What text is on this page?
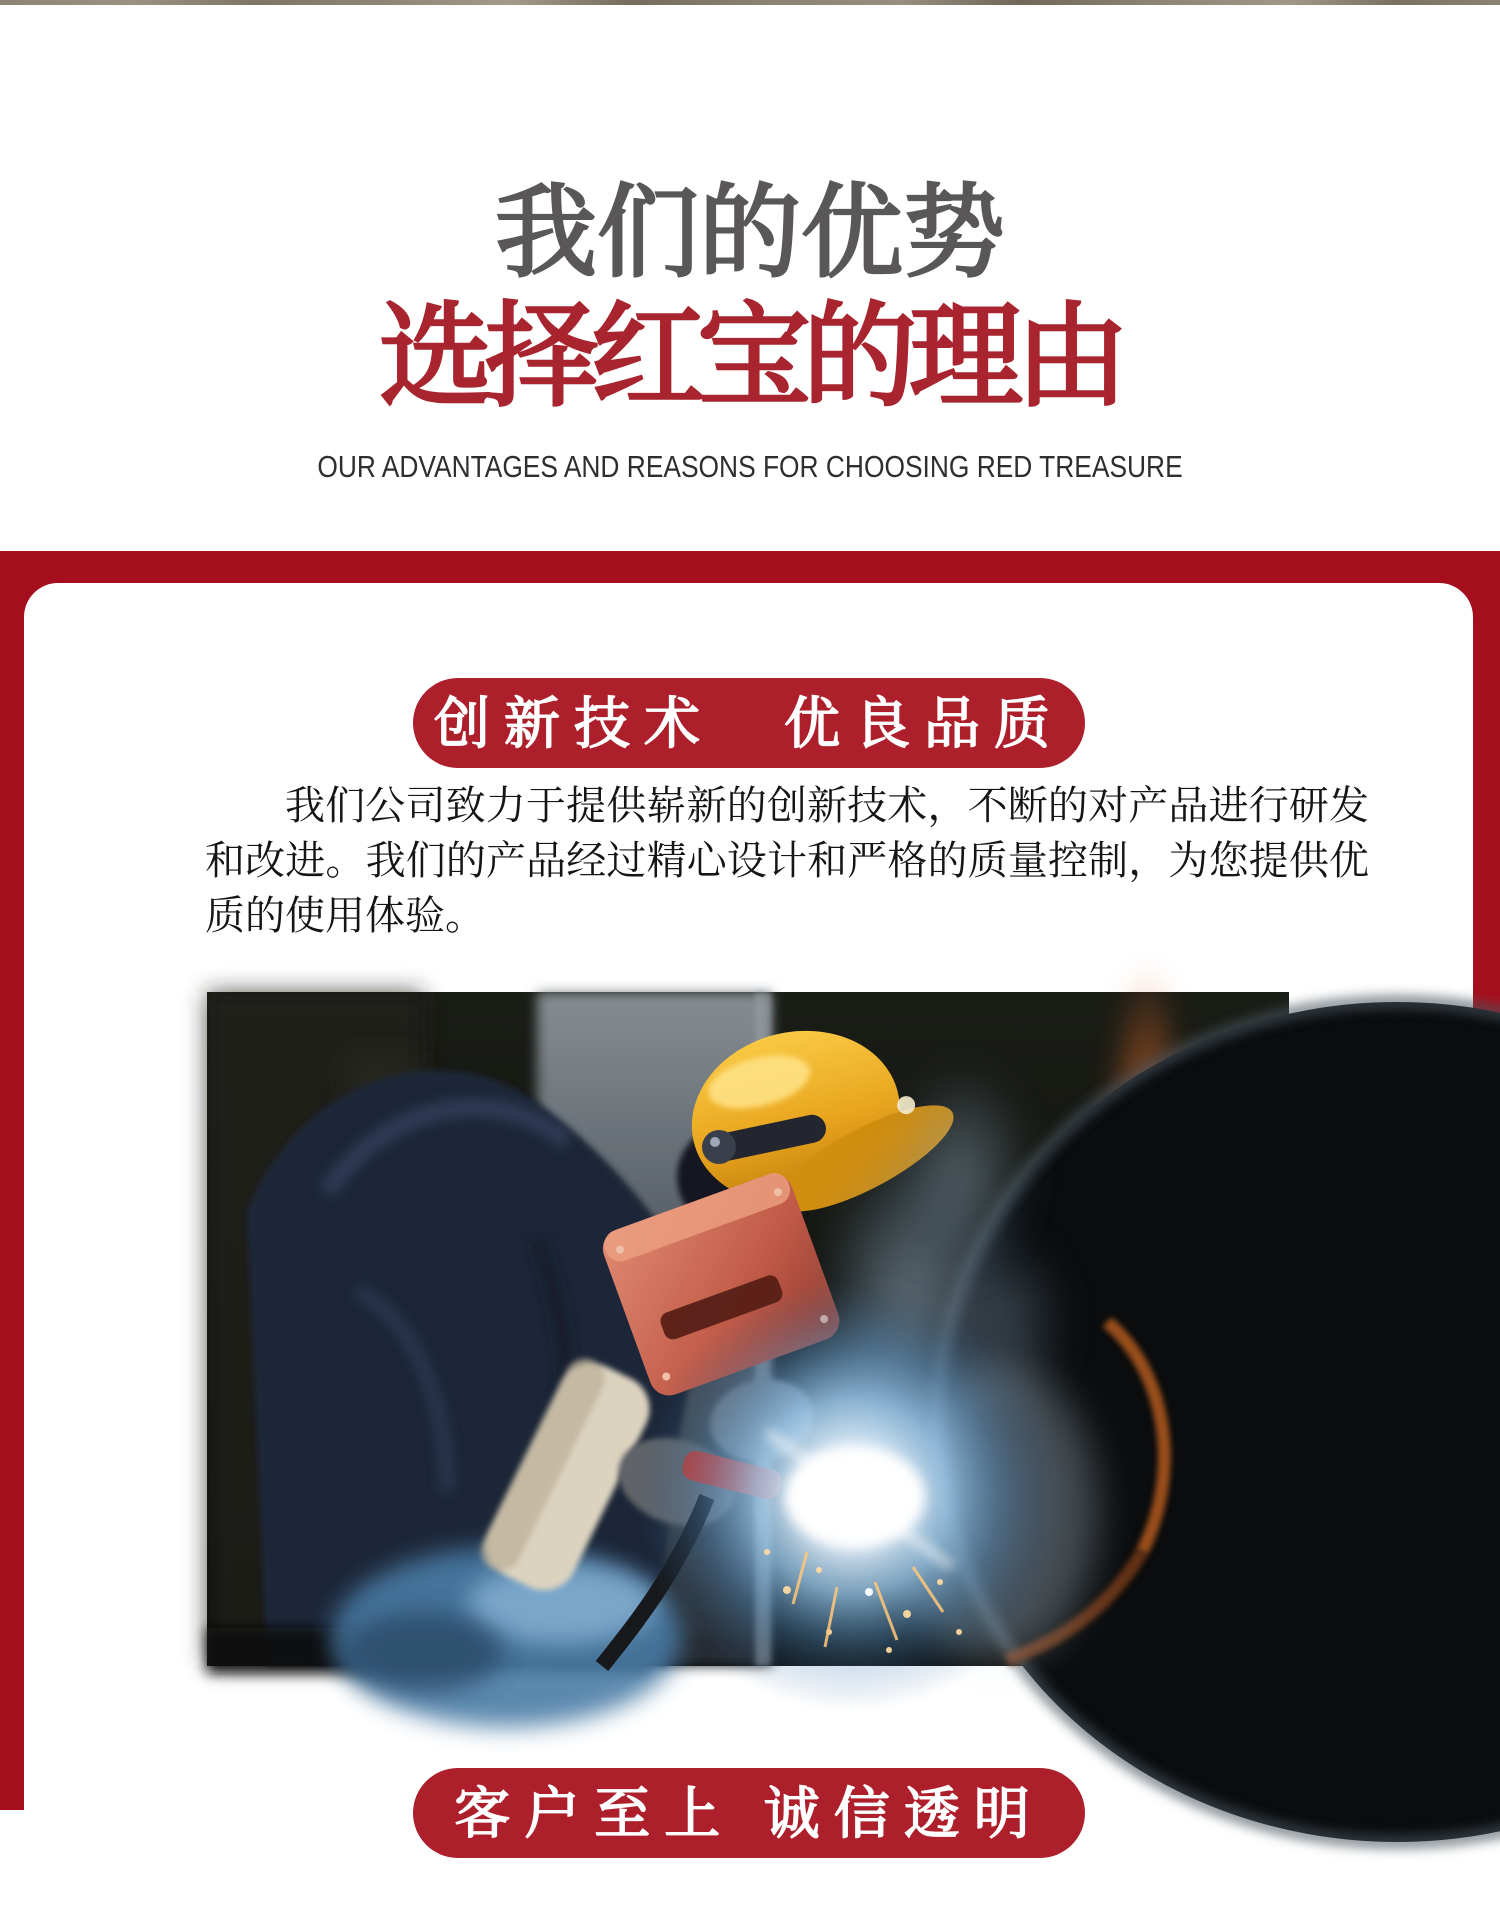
我们的优势
选择红宝的理由
OUR ADVANTAGES AND REASONS FOR CHOOSING RED TREASURE
创新技术　优良品质

我们公司致力于提供崭新的创新技术，不断的对产品进行研发和改进。我们的产品经过精心设计和严格的质量控制，为您提供优质的使用体验。

客户至上 诚信透明
